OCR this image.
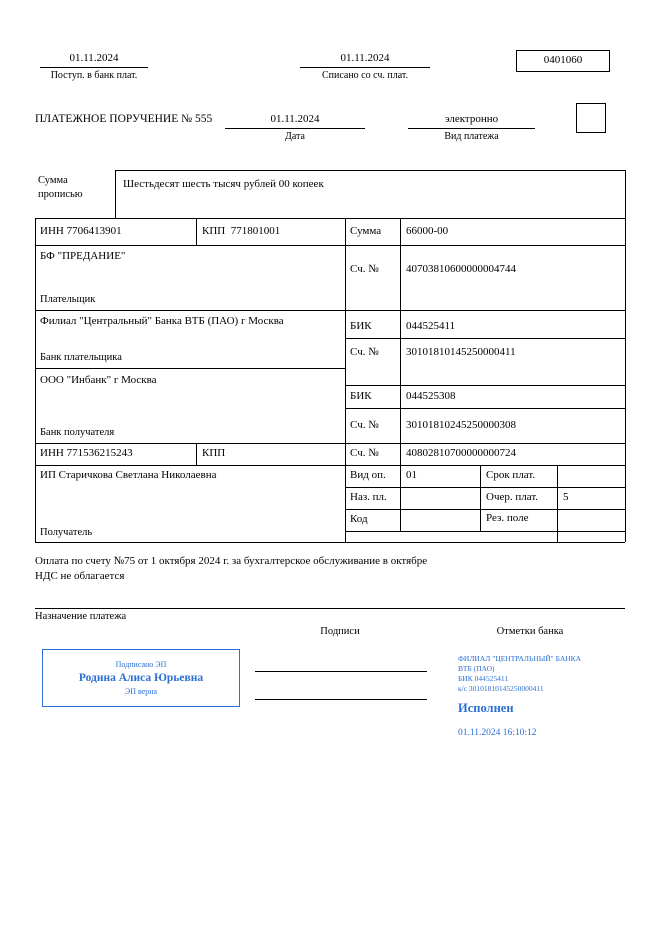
01.11.2024
Поступ. в банк плат.
01.11.2024
Списано со сч. плат.
0401060
ПЛАТЕЖНОЕ ПОРУЧЕНИЕ № 555	01.11.2024
Дата
электронно
Вид платежа
Сумма
прописью
Шестьдесят шесть тысяч рублей 00 копеек
ИНН 7706413901	КПП  771801001	Сумма 66000-00
БФ "ПРЕДАНИЕ"
Плательщик
Сч. № 40703810600000004744
Филиал "Центральный" Банка ВТБ (ПАО) г Москва
Банк плательщика
БИК	044525411
Сч. № 30101810145250000411
ООО "Инбанк" г Москва
Банк получателя
БИК	044525308
Сч. № 30101810245250000308
ИНН 771536215243	КПП	Сч. № 40802810700000000724
ИП Старичкова Светлана Николаевна
Получатель
Вид оп. 01	Срок плат.
Наз. пл.	Очер. плат. 5
Код	Рез. поле
Оплата по счету №75 от 1 октября 2024 г. за бухгалтерское обслуживание в октябре
НДС не облагается
Назначение платежа
Подписи	Отметки банка
Подписано ЭП
Родина Алиса Юрьевна
ЭП верна
ФИЛИАЛ "ЦЕНТРАЛЬНЫЙ" БАНКА
ВТБ (ПАО)
БИК 044525411
к/с 30101810145250000411
Исполнен
01.11.2024 16:10:12
